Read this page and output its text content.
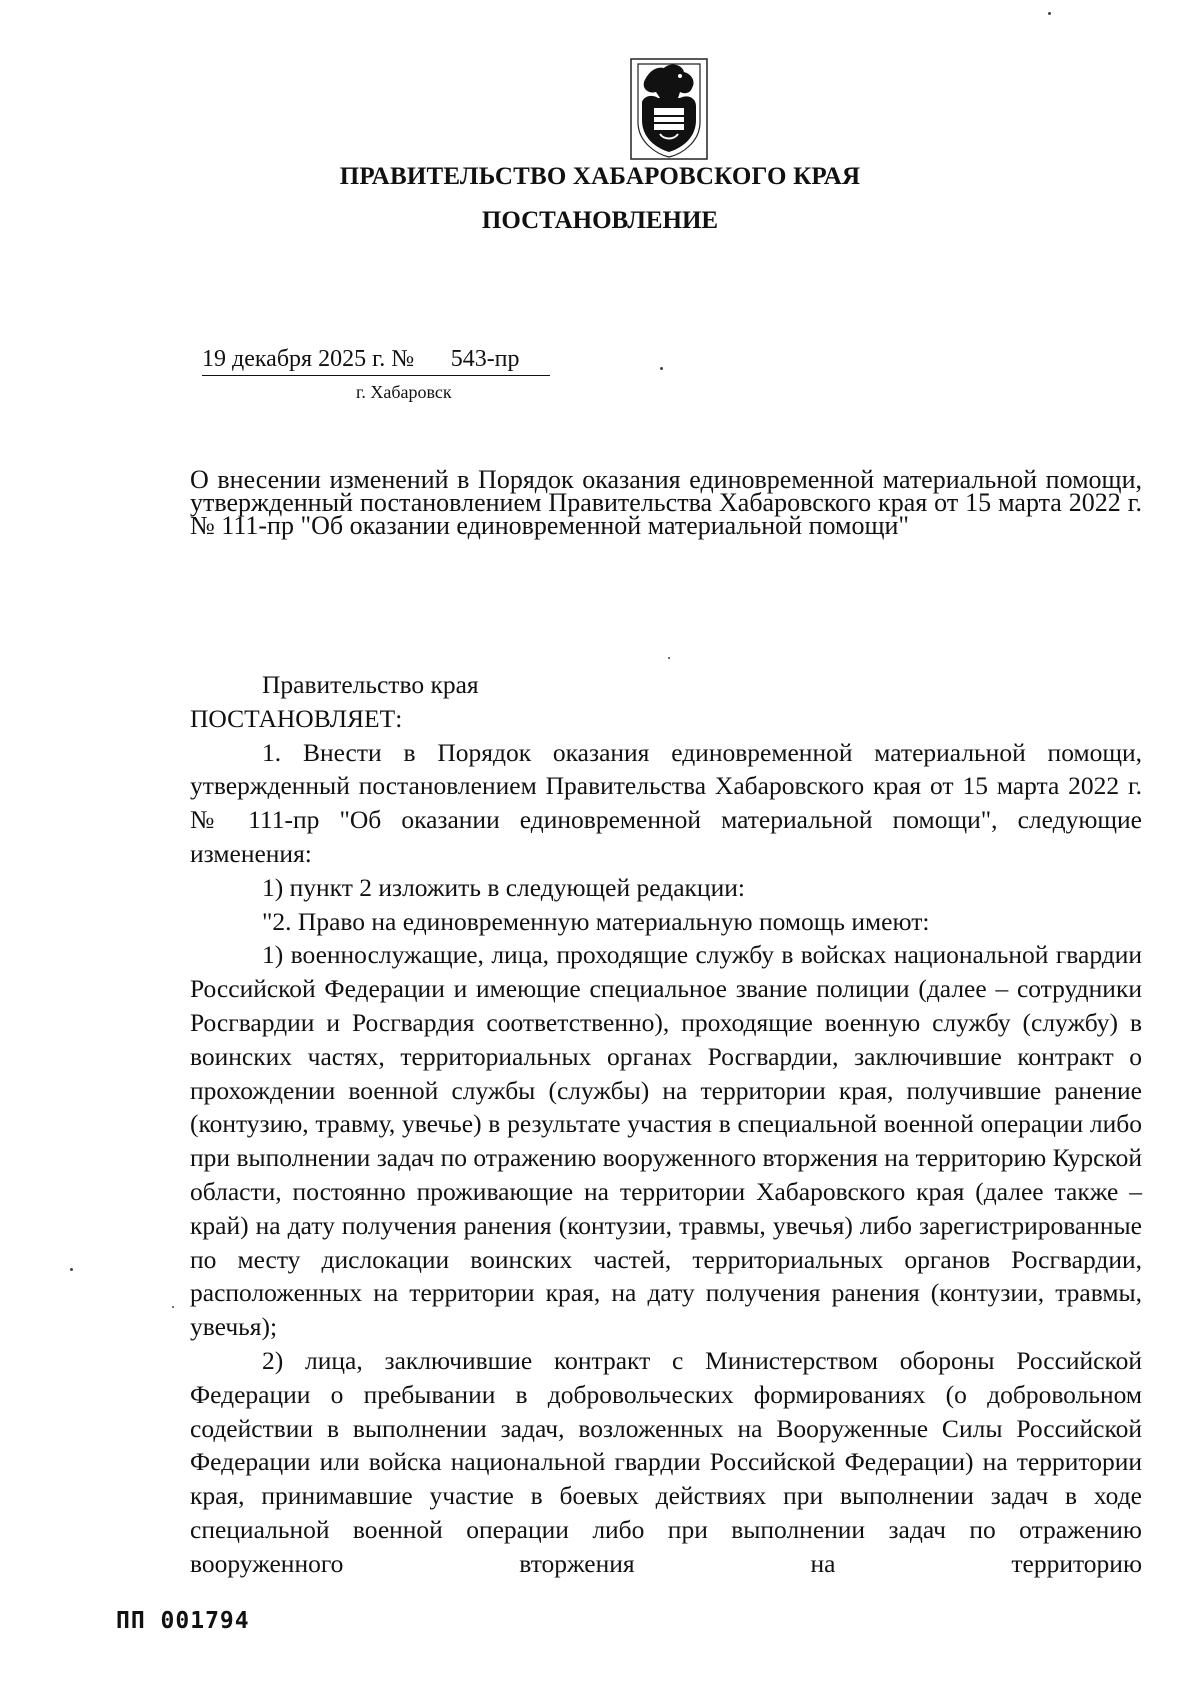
ПРАВИТЕЛЬСТВО ХАБАРОВСКОГО КРАЯ
ПОСТАНОВЛЕНИЕ
19 декабря 2025 г. № 543-пр
г. Хабаровск
О внесении изменений в Порядок оказания единовременной материальной помощи, утвержденный постановлением Правительства Хабаровского края от 15 марта 2022 г. № 111-пр "Об оказании единовременной материальной помощи"

Правительство края

ПОСТАНОВЛЯЕТ:

1. Внести в Порядок оказания единовременной материальной помощи, утвержденный постановлением Правительства Хабаровского края от 15 марта 2022 г. № 111-пр "Об оказании единовременной материальной помощи", следующие изменения:

1) пункт 2 изложить в следующей редакции:

"2. Право на единовременную материальную помощь имеют:

1) военнослужащие, лица, проходящие службу в войсках национальной гвардии Российской Федерации и имеющие специальное звание полиции (далее – сотрудники Росгвардии и Росгвардия соответственно), проходящие военную службу (службу) в воинских частях, территориальных органах Росгвардии, заключившие контракт о прохождении военной службы (службы) на территории края, получившие ранение (контузию, травму, увечье) в результате участия в специальной военной операции либо при выполнении задач по отражению вооруженного вторжения на территорию Курской области, постоянно проживающие на территории Хабаровского края (далее также – край) на дату получения ранения (контузии, травмы, увечья) либо зарегистрированные по месту дислокации воинских частей, территориальных органов Росгвардии, расположенных на территории края, на дату получения ранения (контузии, травмы, увечья);

2) лица, заключившие контракт с Министерством обороны Российской Федерации о пребывании в добровольческих формированиях (о добровольном содействии в выполнении задач, возложенных на Вооруженные Силы Российской Федерации или войска национальной гвардии Российской Федерации) на территории края, принимавшие участие в боевых действиях при выполнении задач в ходе специальной военной операции либо при выполнении задач по отражению вооруженного вторжения на территорию

ПП 001794
